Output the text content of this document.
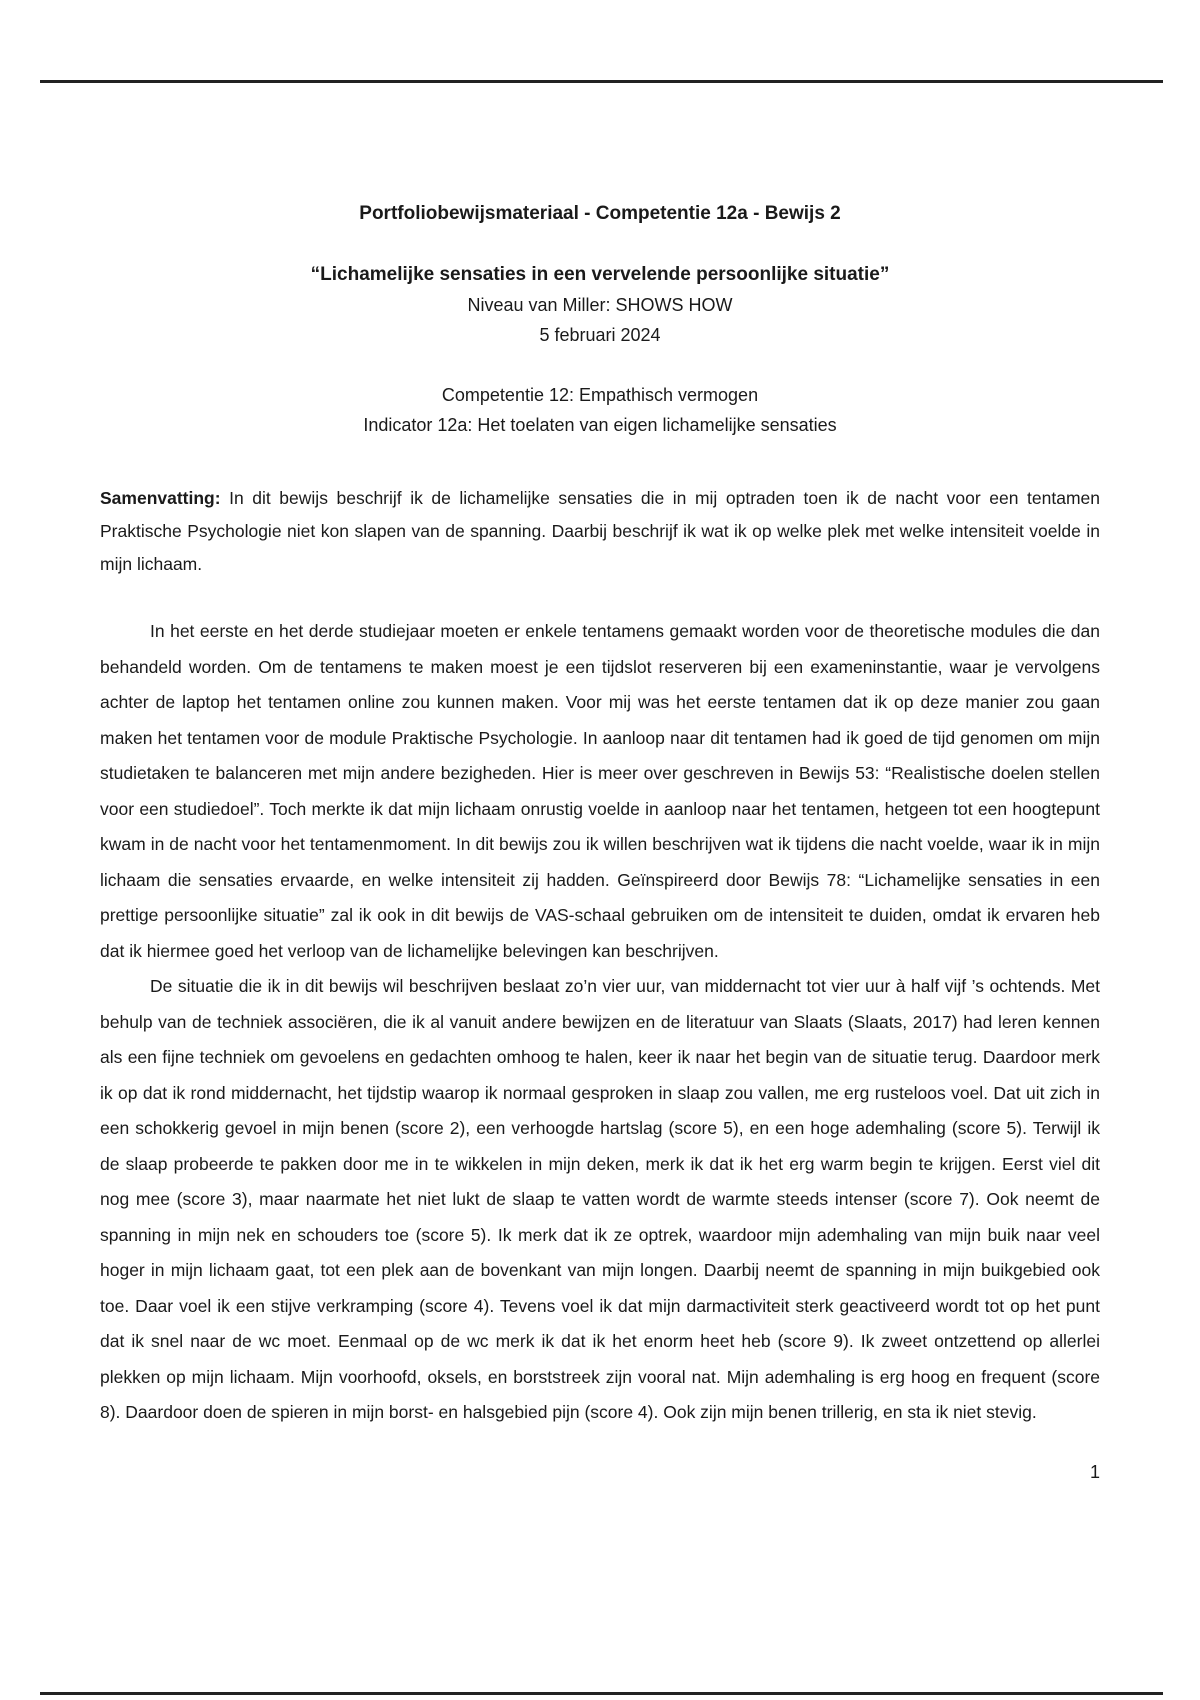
Portfoliobewijsmateriaal - Competentie 12a - Bewijs 2

“Lichamelijke sensaties in een vervelende persoonlijke situatie”

Niveau van Miller: SHOWS HOW

5 februari 2024

Competentie 12: Empathisch vermogen

Indicator 12a: Het toelaten van eigen lichamelijke sensaties

Samenvatting: In dit bewijs beschrijf ik de lichamelijke sensaties die in mij optraden toen ik de nacht voor een tentamen Praktische Psychologie niet kon slapen van de spanning. Daarbij beschrijf ik wat ik op welke plek met welke intensiteit voelde in mijn lichaam.

In het eerste en het derde studiejaar moeten er enkele tentamens gemaakt worden voor de theoretische modules die dan behandeld worden. Om de tentamens te maken moest je een tijdslot reserveren bij een exameninstantie, waar je vervolgens achter de laptop het tentamen online zou kunnen maken. Voor mij was het eerste tentamen dat ik op deze manier zou gaan maken het tentamen voor de module Praktische Psychologie. In aanloop naar dit tentamen had ik goed de tijd genomen om mijn studietaken te balanceren met mijn andere bezigheden. Hier is meer over geschreven in Bewijs 53: “Realistische doelen stellen voor een studiedoel”. Toch merkte ik dat mijn lichaam onrustig voelde in aanloop naar het tentamen, hetgeen tot een hoogtepunt kwam in de nacht voor het tentamenmoment. In dit bewijs zou ik willen beschrijven wat ik tijdens die nacht voelde, waar ik in mijn lichaam die sensaties ervaarde, en welke intensiteit zij hadden. Geïnspireerd door Bewijs 78: “Lichamelijke sensaties in een prettige persoonlijke situatie” zal ik ook in dit bewijs de VAS-schaal gebruiken om de intensiteit te duiden, omdat ik ervaren heb dat ik hiermee goed het verloop van de lichamelijke belevingen kan beschrijven.

De situatie die ik in dit bewijs wil beschrijven beslaat zo’n vier uur, van middernacht tot vier uur à half vijf ’s ochtends. Met behulp van de techniek associëren, die ik al vanuit andere bewijzen en de literatuur van Slaats (Slaats, 2017) had leren kennen als een fijne techniek om gevoelens en gedachten omhoog te halen, keer ik naar het begin van de situatie terug. Daardoor merk ik op dat ik rond middernacht, het tijdstip waarop ik normaal gesproken in slaap zou vallen, me erg rusteloos voel. Dat uit zich in een schokkerig gevoel in mijn benen (score 2), een verhoogde hartslag (score 5), en een hoge ademhaling (score 5). Terwijl ik de slaap probeerde te pakken door me in te wikkelen in mijn deken, merk ik dat ik het erg warm begin te krijgen. Eerst viel dit nog mee (score 3), maar naarmate het niet lukt de slaap te vatten wordt de warmte steeds intenser (score 7). Ook neemt de spanning in mijn nek en schouders toe (score 5). Ik merk dat ik ze optrek, waardoor mijn ademhaling van mijn buik naar veel hoger in mijn lichaam gaat, tot een plek aan de bovenkant van mijn longen. Daarbij neemt de spanning in mijn buikgebied ook toe. Daar voel ik een stijve verkramping (score 4). Tevens voel ik dat mijn darmactiviteit sterk geactiveerd wordt tot op het punt dat ik snel naar de wc moet. Eenmaal op de wc merk ik dat ik het enorm heet heb (score 9). Ik zweet ontzettend op allerlei plekken op mijn lichaam. Mijn voorhoofd, oksels, en borststreek zijn vooral nat. Mijn ademhaling is erg hoog en frequent (score 8). Daardoor doen de spieren in mijn borst- en halsgebied pijn (score 4). Ook zijn mijn benen trillerig, en sta ik niet stevig.

1
